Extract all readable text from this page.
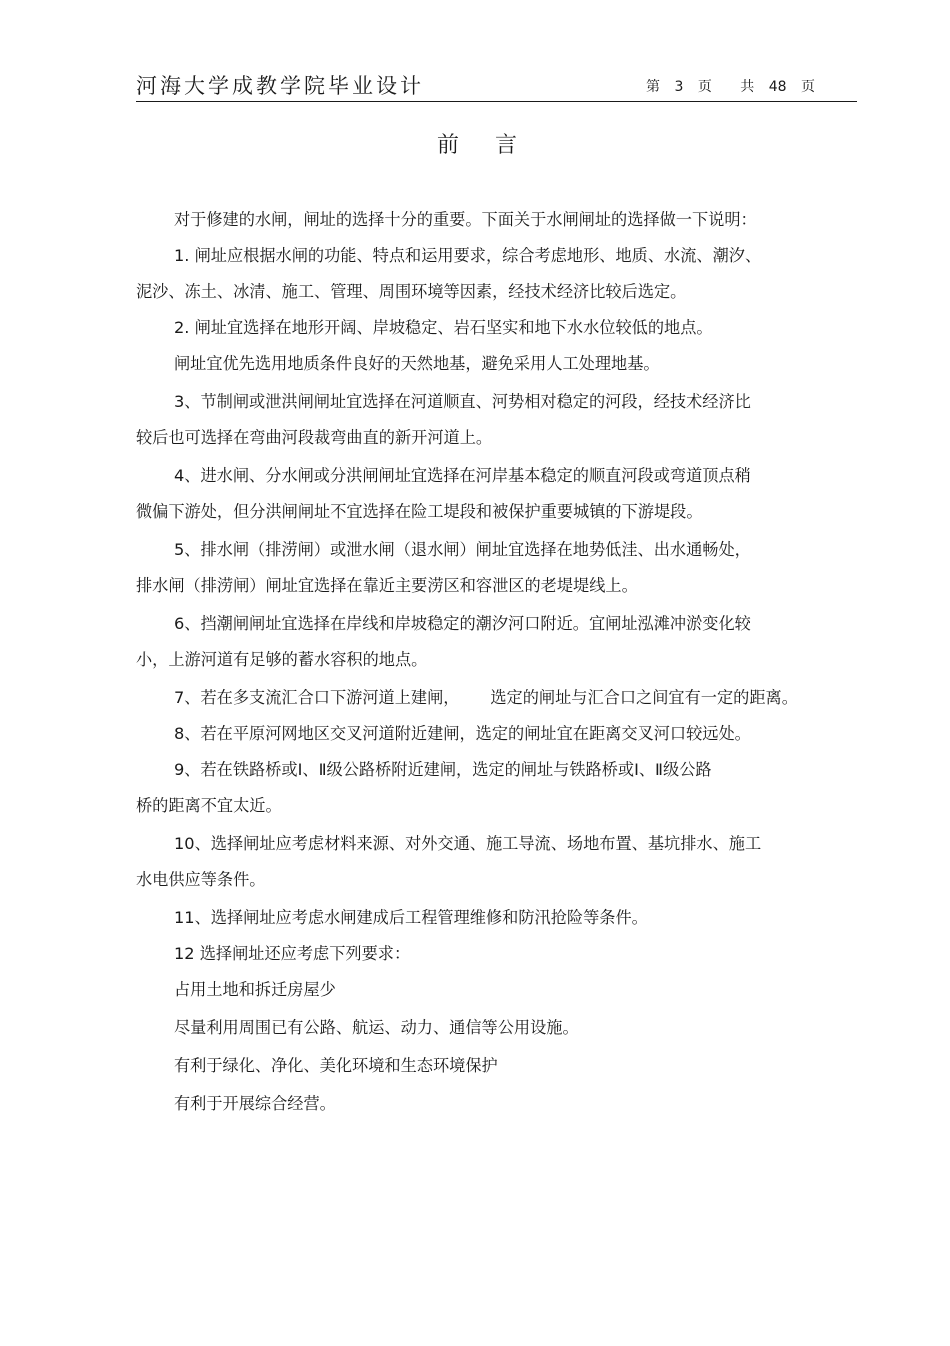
河海大学成教学院毕业设计	第 3 页 共 48 页
前言
对于修建的水闸，闸址的选择十分的重要。下面关于水闸闸址的选择做一下说明：
1. 闸址应根据水闸的功能、特点和运用要求，综合考虑地形、地质、水流、潮汐、
泥沙、冻土、冰清、施工、管理、周围环境等因素，经技术经济比较后选定。
2. 闸址宜选择在地形开阔、岸坡稳定、岩石坚实和地下水水位较低的地点。
闸址宜优先选用地质条件良好的天然地基，避免采用人工处理地基。
3、节制闸或泄洪闸闸址宜选择在河道顺直、河势相对稳定的河段，经技术经济比
较后也可选择在弯曲河段裁弯曲直的新开河道上。
4、进水闸、分水闸或分洪闸闸址宜选择在河岸基本稳定的顺直河段或弯道顶点稍
微偏下游处，但分洪闸闸址不宜选择在险工堤段和被保护重要城镇的下游堤段。
5、排水闸（排涝闸）或泄水闸（退水闸）闸址宜选择在地势低洼、出水通畅处，
排水闸（排涝闸）闸址宜选择在靠近主要涝区和容泄区的老堤堤线上。
6、挡潮闸闸址宜选择在岸线和岸坡稳定的潮汐河口附近。宜闸址泓滩冲淤变化较
小，上游河道有足够的蓄水容积的地点。
7、若在多支流汇合口下游河道上建闸，      选定的闸址与汇合口之间宜有一定的距离。
8、若在平原河网地区交叉河道附近建闸，选定的闸址宜在距离交叉河口较远处。
9、若在铁路桥或Ⅰ、Ⅱ级公路桥附近建闸，选定的闸址与铁路桥或Ⅰ、Ⅱ级公路
桥的距离不宜太近。
10、选择闸址应考虑材料来源、对外交通、施工导流、场地布置、基坑排水、施工
水电供应等条件。
11、选择闸址应考虑水闸建成后工程管理维修和防汛抢险等条件。
12 选择闸址还应考虑下列要求：
占用土地和拆迁房屋少
尽量利用周围已有公路、航运、动力、通信等公用设施。
有利于绿化、净化、美化环境和生态环境保护
有利于开展综合经营。
